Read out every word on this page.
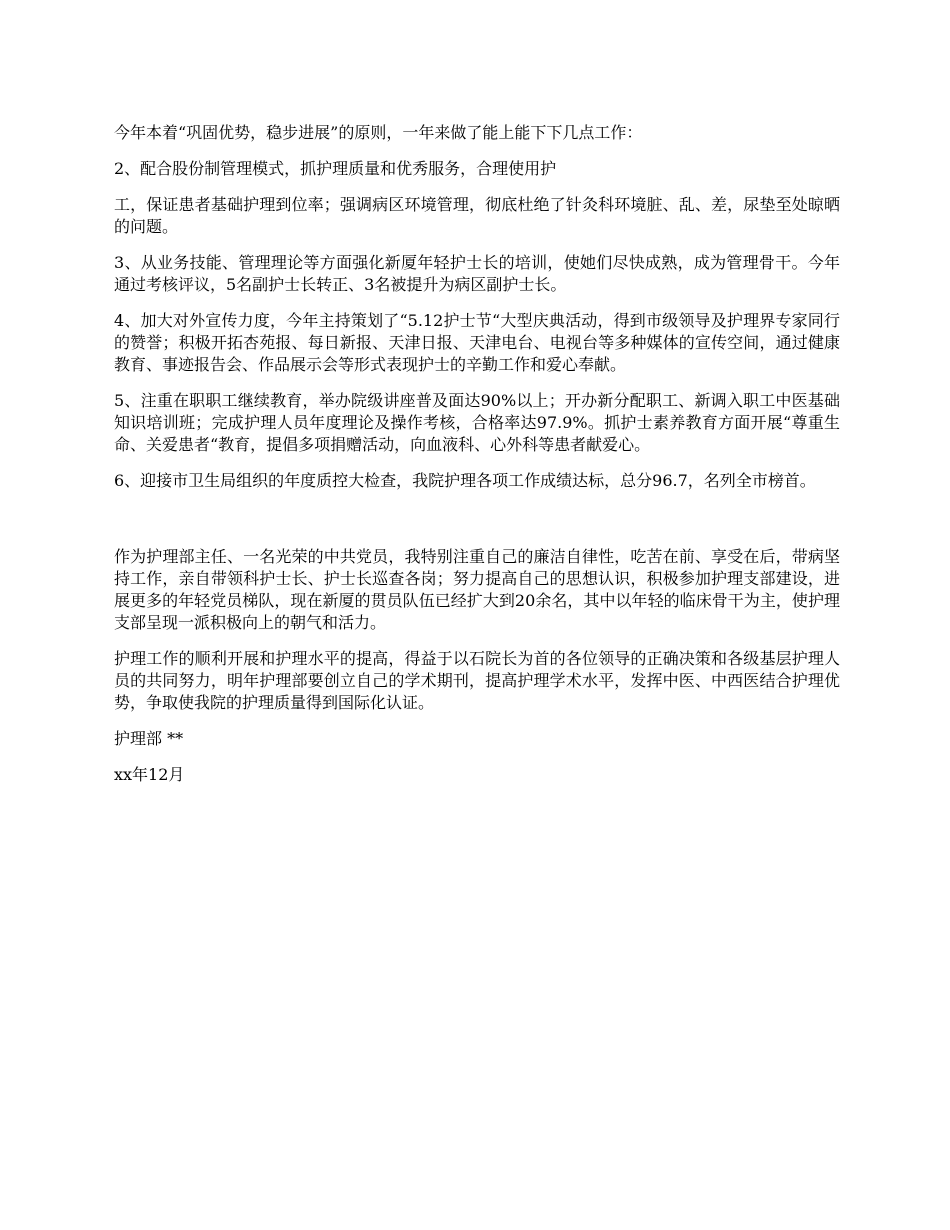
今年本着“巩固优势，稳步进展”的原则，一年来做了能上能下下几点工作：

2、配合股份制管理模式，抓护理质量和优秀服务，合理使用护

工，保证患者基础护理到位率；强调病区环境管理，彻底杜绝了针灸科环境脏、乱、差，尿垫至处晾晒的问题。

3、从业务技能、管理理论等方面强化新厦年轻护士长的培训，使她们尽快成熟，成为管理骨干。今年通过考核评议，5名副护士长转正、3名被提升为病区副护士长。

4、加大对外宣传力度，今年主持策划了“5.12护士节“大型庆典活动，得到市级领导及护理界专家同行的赞誉；积极开拓杏苑报、每日新报、天津日报、天津电台、电视台等多种媒体的宣传空间，通过健康教育、事迹报告会、作品展示会等形式表现护士的辛勤工作和爱心奉献。

5、注重在职职工继续教育，举办院级讲座普及面达90%以上；开办新分配职工、新调入职工中医基础知识培训班；完成护理人员年度理论及操作考核，合格率达97.9%。抓护士素养教育方面开展“尊重生命、关爱患者“教育，提倡多项捐赠活动，向血液科、心外科等患者献爱心。

6、迎接市卫生局组织的年度质控大检查，我院护理各项工作成绩达标，总分96.7，名列全市榜首。

作为护理部主任、一名光荣的中共党员，我特别注重自己的廉洁自律性，吃苦在前、享受在后，带病坚持工作，亲自带领科护士长、护士长巡查各岗；努力提高自己的思想认识，积极参加护理支部建设，进展更多的年轻党员梯队，现在新厦的贯员队伍已经扩大到20余名，其中以年轻的临床骨干为主，使护理支部呈现一派积极向上的朝气和活力。

护理工作的顺利开展和护理水平的提高，得益于以石院长为首的各位领导的正确决策和各级基层护理人员的共同努力，明年护理部要创立自己的学术期刊，提高护理学术水平，发挥中医、中西医结合护理优势，争取使我院的护理质量得到国际化认证。

护理部 **

xx年12月
